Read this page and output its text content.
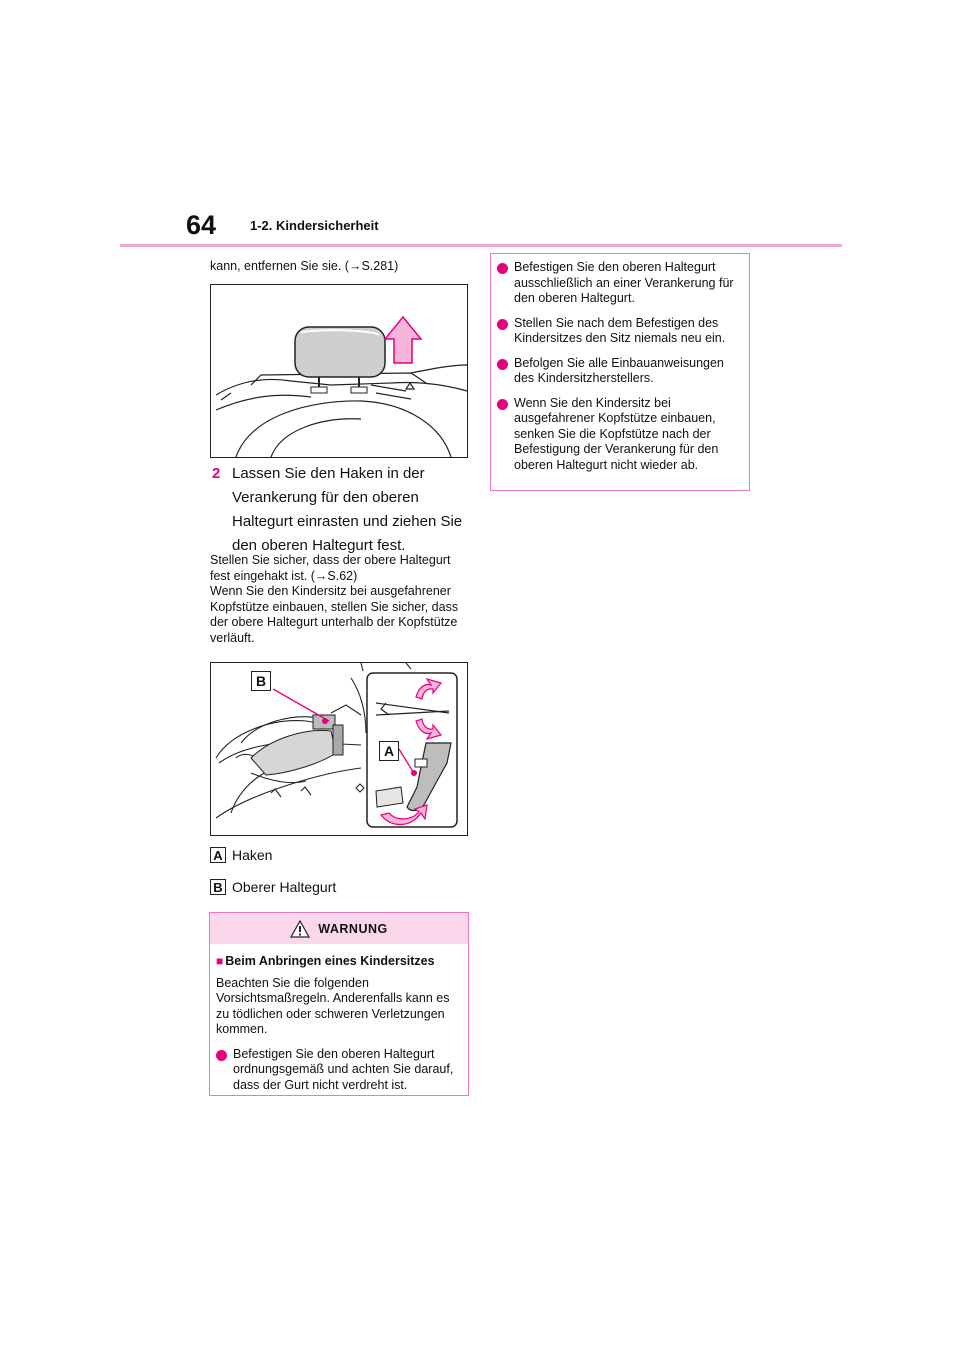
64	1-2. Kindersicherheit
kann, entfernen Sie sie. (→S.281)
2 Lassen Sie den Haken in der Verankerung für den oberen Haltegurt einrasten und ziehen Sie den oberen Haltegurt fest.

Stellen Sie sicher, dass der obere Haltegurt fest eingehakt ist. (→S.62)

Wenn Sie den Kindersitz bei ausgefahrener Kopfstütze einbauen, stellen Sie sicher, dass der obere Haltegurt unterhalb der Kopfstütze verläuft.

B
A
A Haken
B Oberer Haltegurt
WARNUNG

■ Beim Anbringen eines Kindersitzes

Beachten Sie die folgenden Vorsichtsmaßregeln. Anderenfalls kann es zu tödlichen oder schweren Verletzungen kommen.

Befestigen Sie den oberen Haltegurt ordnungsgemäß und achten Sie darauf, dass der Gurt nicht verdreht ist.
Befestigen Sie den oberen Haltegurt ausschließlich an einer Verankerung für den oberen Haltegurt.
Stellen Sie nach dem Befestigen des Kindersitzes den Sitz niemals neu ein.
Befolgen Sie alle Einbauanweisungen des Kindersitzherstellers.
Wenn Sie den Kindersitz bei ausgefahrener Kopfstütze einbauen, senken Sie die Kopfstütze nach der Befestigung der Verankerung für den oberen Haltegurt nicht wieder ab.
